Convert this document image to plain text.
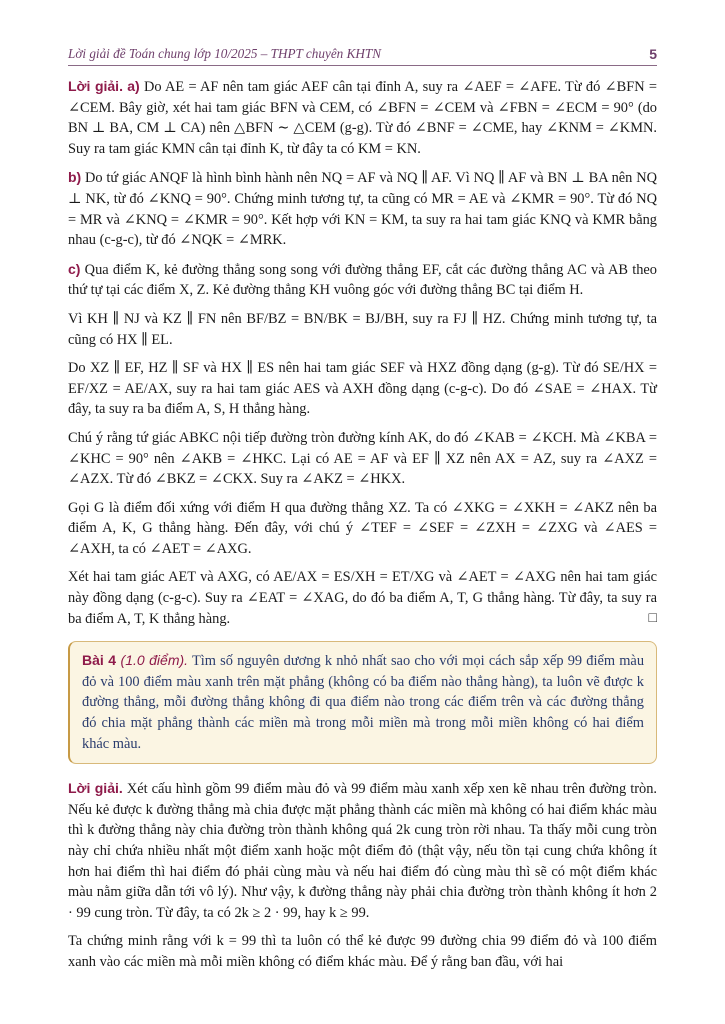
Lời giải đề Toán chung lớp 10/2025 – THPT chuyên KHTN	5

Lời giải. a) Do AE = AF nên tam giác AEF cân tại đỉnh A, suy ra ∠AEF = ∠AFE. Từ đó ∠BFN = ∠CEM. Bây giờ, xét hai tam giác BFN và CEM, có ∠BFN = ∠CEM và ∠FBN = ∠ECM = 90° (do BN ⊥ BA, CM ⊥ CA) nên △BFN ∼ △CEM (g-g). Từ đó ∠BNF = ∠CME, hay ∠KNM = ∠KMN. Suy ra tam giác KMN cân tại đỉnh K, từ đây ta có KM = KN.

b) Do tứ giác ANQF là hình bình hành nên NQ = AF và NQ ∥ AF. Vì NQ ∥ AF và BN ⊥ BA nên NQ ⊥ NK, từ đó ∠KNQ = 90°. Chứng minh tương tự, ta cũng có MR = AE và ∠KMR = 90°. Từ đó NQ = MR và ∠KNQ = ∠KMR = 90°. Kết hợp với KN = KM, ta suy ra hai tam giác KNQ và KMR bằng nhau (c-g-c), từ đó ∠NQK = ∠MRK.

c) Qua điểm K, kẻ đường thẳng song song với đường thẳng EF, cắt các đường thẳng AC và AB theo thứ tự tại các điểm X, Z. Kẻ đường thẳng KH vuông góc với đường thẳng BC tại điểm H.

Vì KH ∥ NJ và KZ ∥ FN nên BF/BZ = BN/BK = BJ/BH, suy ra FJ ∥ HZ. Chứng minh tương tự, ta cũng có HX ∥ EL.

Do XZ ∥ EF, HZ ∥ SF và HX ∥ ES nên hai tam giác SEF và HXZ đồng dạng (g-g). Từ đó SE/HX = EF/XZ = AE/AX, suy ra hai tam giác AES và AXH đồng dạng (c-g-c). Do đó ∠SAE = ∠HAX. Từ đây, ta suy ra ba điểm A, S, H thẳng hàng.

Chú ý rằng tứ giác ABKC nội tiếp đường tròn đường kính AK, do đó ∠KAB = ∠KCH. Mà ∠KBA = ∠KHC = 90° nên ∠AKB = ∠HKC. Lại có AE = AF và EF ∥ XZ nên AX = AZ, suy ra ∠AXZ = ∠AZX. Từ đó ∠BKZ = ∠CKX. Suy ra ∠AKZ = ∠HKX.

Gọi G là điểm đối xứng với điểm H qua đường thẳng XZ. Ta có ∠XKG = ∠XKH = ∠AKZ nên ba điểm A, K, G thẳng hàng. Đến đây, với chú ý ∠TEF = ∠SEF = ∠ZXH = ∠ZXG và ∠AES = ∠AXH, ta có ∠AET = ∠AXG.

Xét hai tam giác AET và AXG, có AE/AX = ES/XH = ET/XG và ∠AET = ∠AXG nên hai tam giác này đồng dạng (c-g-c). Suy ra ∠EAT = ∠XAG, do đó ba điểm A, T, G thẳng hàng. Từ đây, ta suy ra ba điểm A, T, K thẳng hàng.	□

Bài 4 (1.0 điểm). Tìm số nguyên dương k nhỏ nhất sao cho với mọi cách sắp xếp 99 điểm màu đỏ và 100 điểm màu xanh trên mặt phẳng (không có ba điểm nào thẳng hàng), ta luôn vẽ được k đường thẳng, mỗi đường thẳng không đi qua điểm nào trong các điểm trên và các đường thẳng đó chia mặt phẳng thành các miền mà trong mỗi miền mà trong mỗi miền không có hai điểm khác màu.

Lời giải. Xét cấu hình gồm 99 điểm màu đỏ và 99 điểm màu xanh xếp xen kẽ nhau trên đường tròn. Nếu kẻ được k đường thẳng mà chia được mặt phẳng thành các miền mà không có hai điểm khác màu thì k đường thẳng này chia đường tròn thành không quá 2k cung tròn rời nhau. Ta thấy mỗi cung tròn này chỉ chứa nhiều nhất một điểm xanh hoặc một điểm đỏ (thật vậy, nếu tồn tại cung chứa không ít hơn hai điểm thì hai điểm đó phải cùng màu và nếu hai điểm đó cùng màu thì sẽ có một điểm khác màu nằm giữa dẫn tới vô lý). Như vậy, k đường thẳng này phải chia đường tròn thành không ít hơn 2 · 99 cung tròn. Từ đây, ta có 2k ≥ 2 · 99, hay k ≥ 99.

Ta chứng minh rằng với k = 99 thì ta luôn có thể kẻ được 99 đường chia 99 điểm đỏ và 100 điểm xanh vào các miền mà mỗi miền không có điểm khác màu. Để ý rằng ban đầu, với hai
